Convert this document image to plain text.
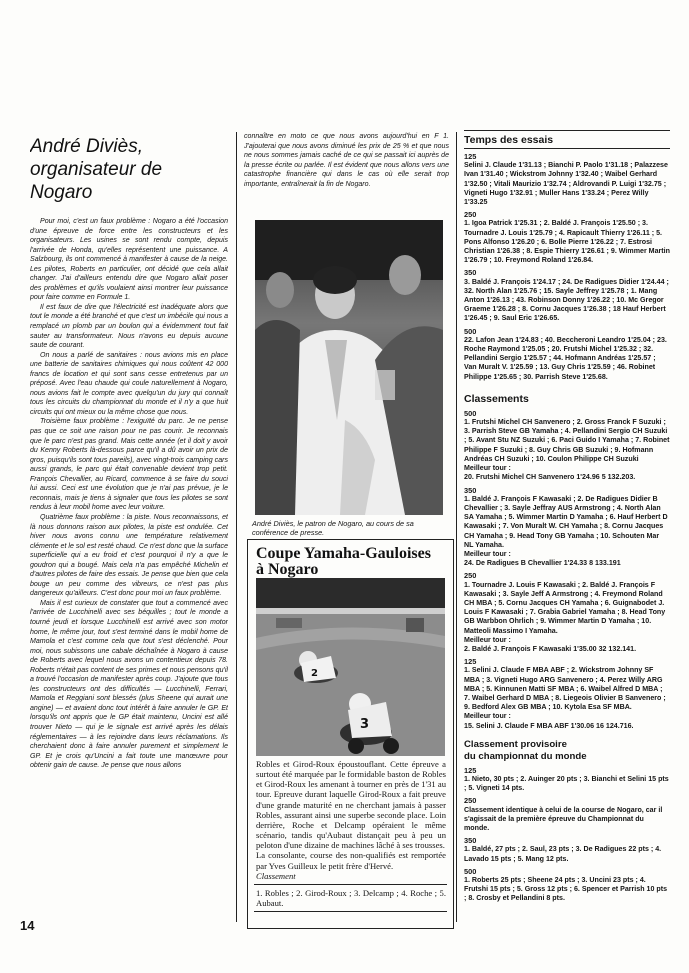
André Diviès,
organisateur de Nogaro

Pour moi, c'est un faux problème : Nogaro a été l'occasion d'une épreuve de force entre les constructeurs et les organisateurs. Les usines se sont rendu compte, depuis l'arrivée de Honda, qu'elles représentent une puissance. A Salzbourg, ils ont commencé à manifester à cause de la neige. Les pilotes, Roberts en particulier, ont décidé que cela allait changer. J'ai d'ailleurs entendu dire que Nogaro allait poser des problèmes et qu'ils voulaient ainsi montrer leur puissance pour faire comme en Formule 1.

Il est faux de dire que l'électricité est inadéquate alors que tout le monde a été branché et que c'est un imbécile qui nous a remplacé un plomb par un boulon qui a évidemment tout fait sauter au transformateur. Nous n'avons eu depuis aucune saute de courant.

On nous a parlé de sanitaires : nous avions mis en place une batterie de sanitaires chimiques qui nous coûtent 42 000 francs de location et qui sont sans cesse entretenus par un préposé. Avec l'eau chaude qui coule naturellement à Nogaro, nous avions fait le compte avec quelqu'un du jury qui connaît tous les circuits du championnat du monde et il n'y a que huit circuits qui ont mieux ou la même chose que nous.

Troisième faux problème : l'exiguïté du parc. Je ne pense pas que ce soit une raison pour ne pas courir. Je reconnais que le parc n'est pas grand. Mais cette année (et il doit y avoir du Kenny Roberts là-dessous parce qu'il a dû avoir un prix de gros, puisqu'ils sont tous pareils), avec vingt-trois camping cars aussi grands, le parc qui était convenable devient trop petit. François Chevallier, au Ricard, commence à se faire du souci lui aussi. Ceci est une évolution que je n'ai pas prévue, je le reconnais, mais je tiens à signaler que tous les pilotes se sont rendus à leur mobil home avec leur voiture.

Quatrième faux problème : la piste. Nous reconnaissons, et là nous donnons raison aux pilotes, la piste est ondulée. Cet hiver nous avons connu une température relativement clémente et le sol est resté chaud. Ce n'est donc que la surface superficielle qui a eu froid et c'est pourquoi il n'y a que le goudron qui a bougé. Mais cela n'a pas empêché Michelin et d'autres pilotes de faire des essais. Je pense que bien que cela bouge un peu comme des vibreurs, ce n'est pas plus dangereux qu'ailleurs. C'est donc pour moi un faux problème.

Mais il est curieux de constater que tout a commencé avec l'arrivée de Lucchinelli avec ses béquilles ; tout le monde a tourné jeudi et lorsque Lucchinelli est arrivé avec son motor home, le même jour, tout s'est terminé dans le mobil home de Mamola et c'est comme cela que tout s'est déclenché. Pour moi, nous subissons une cabale déchaînée à Nogaro à cause de Roberts avec lequel nous avons un contentieux depuis 78. Roberts n'était pas content de ses primes et nous pensons qu'il a trouvé l'occasion de manifester après coup. J'ajoute que tous les constructeurs ont des difficultés — Lucchinelli, Ferrari, Mamola et Reggiani sont blessés (plus Sheene qui aurait une angine) — et avaient donc tout intérêt à faire annuler le GP. Et lorsqu'ils ont appris que le GP était maintenu, Uncini est allé trouver Nieto — qui je le signale est arrivé après les délais réglementaires — à les rejoindre dans leurs réclamations. Ils cherchaient donc à faire annuler purement et simplement le GP. Et je crois qu'Uncini a fait toute une manœuvre pour obtenir gain de cause. Je pense que nous allons

connaître en moto ce que nous avons aujourd'hui en F 1. J'ajouterai que nous avons diminué les prix de 25 % et que nous ne nous sommes jamais caché de ce qui se passait ici auprès de la presse écrite ou parlée. Il est évident que nous allons vers une catastrophe financière qui dans le cas où elle serait trop importante, entraînerait la fin de Nogaro.

André Diviès, le patron de Nogaro, au cours de sa conférence de presse.

Coupe Yamaha-Gauloises
à Nogaro
2
3

Robles et Girod-Roux époustouflant. Cette épreuve a surtout été marquée par le formidable baston de Robles et Girod-Roux les amenant à tourner en près de 1'31 au tour. Epreuve durant laquelle Girod-Roux a fait preuve d'une grande maturité en ne cherchant jamais à passer Robles, assurant ainsi une superbe seconde place. Loin derrière, Roche et Delcamp opéraient le même scénario, tandis qu'Aubaut distançait peu à peu un peloton d'une dizaine de machines lâché à ses trousses.

La consolante, course des non-qualifiés est remportée par Yves Guilleux le petit frère d'Hervé.

Classement

1. Robles ; 2. Girod-Roux ; 3. Delcamp ; 4. Roche ; 5. Aubaut.

Temps des essais

125

Selini J. Claude 1'31.13 ; Bianchi P. Paolo 1'31.18 ; Palazzese Ivan 1'31.40 ; Wickstrom Johnny 1'32.40 ; Waibel Gerhard 1'32.50 ; Vitali Maurizio 1'32.74 ; Aldrovandi P. Luigi 1'32.75 ; Vigneti Hugo 1'32.91 ; Muller Hans 1'33.24 ; Perez Willy 1'33.25

250

1. Igoa Patrick 1'25.31 ; 2. Baldé J. François 1'25.50 ; 3. Tournadre J. Louis 1'25.79 ; 4. Rapicault Thierry 1'26.11 ; 5. Pons Alfonso 1'26.20 ; 6. Bolle Pierre 1'26.22 ; 7. Estrosi Christian 1'26.38 ; 8. Espie Thierry 1'26.61 ; 9. Wimmer Martin 1'26.79 ; 10. Freymond Roland 1'26.84.

350

3. Baldé J. François 1'24.17 ; 24. De Radigues Didier 1'24.44 ; 32. North Alan 1'25.76 ; 15. Sayle Jeffrey 1'25.78 ; 1. Mang Anton 1'26.13 ; 43. Robinson Donny 1'26.22 ; 10. Mc Gregor Graeme 1'26.28 ; 8. Cornu Jacques 1'26.38 ; 18 Hauf Herbert 1'26.45 ; 9. Saul Eric 1'26.65.

500

22. Lafon Jean 1'24.83 ; 40. Beccheroni Leandro 1'25.04 ; 23. Roche Raymond 1'25.05 ; 20. Frutshi Michel 1'25.32 ; 32. Pellandini Sergio 1'25.57 ; 44. Hofmann Andréas 1'25.57 ; Van Muralt V. 1'25.59 ; 13. Guy Chris 1'25.59 ; 46. Robinet Philippe 1'25.65 ; 30. Parrish Steve 1'25.68.

Classements

500

1. Frutshi Michel CH Sanvenero ; 2. Gross Franck F Suzuki ; 3. Parrish Steve GB Yamaha ; 4. Pellandini Sergio CH Suzuki ; 5. Avant Stu NZ Suzuki ; 6. Paci Guido I Yamaha ; 7. Robinet Philippe F Suzuki ; 8. Guy Chris GB Suzuki ; 9. Hofmann Andréas CH Suzuki ; 10. Coulon Philippe CH Suzuki

Meilleur tour :

20. Frutshi Michel CH Sanvenero 1'24.96 5 132.203.

350

1. Baldé J. François F Kawasaki ; 2. De Radigues Didier B Chevallier ; 3. Sayle Jeffray AUS Armstrong ; 4. North Alan SA Yamaha ; 5. Wimmer Martin D Yamaha ; 6. Hauf Herbert D Kawasaki ; 7. Von Muralt W. CH Yamaha ; 8. Cornu Jacques CH Yamaha ; 9. Head Tony GB Yamaha ; 10. Schouten Mar NL Yamaha.

Meilleur tour :

24. De Radigues B Chevallier 1'24.33 8 133.191

250

1. Tournadre J. Louis F Kawasaki ; 2. Baldé J. François F Kawasaki ; 3. Sayle Jeff A Armstrong ; 4. Freymond Roland CH MBA ; 5. Cornu Jacques CH Yamaha ; 6. Guignabodet J. Louis F Kawasaki ; 7. Grabia Gabriel Yamaha ; 8. Head Tony GB Warbbon Ohrlich ; 9. Wimmer Martin D Yamaha ; 10. Matteoli Massimo I Yamaha.

Meilleur tour :

2. Baldé J. François F Kawasaki 1'35.00 32 132.141.

125

1. Selini J. Claude F MBA ABF ; 2. Wickstrom Johnny SF MBA ; 3. Vigneti Hugo ARG Sanvenero ; 4. Perez Willy ARG MBA ; 5. Kinnunen Matti SF MBA ; 6. Waibel Alfred D MBA ; 7. Waibel Gerhard D MBA ; 8. Liegeois Olivier B Sanvenero ; 9. Bedford Alex GB MBA ; 10. Kytola Esa SF MBA.

Meilleur tour :

15. Selini J. Claude F MBA ABF 1'30.06 16 124.716.

Classement provisoire
du championnat du monde

125

1. Nieto, 30 pts ; 2. Auinger 20 pts ; 3. Bianchi et Selini 15 pts ; 5. Vigneti 14 pts.

250

Classement identique à celui de la course de Nogaro, car il s'agissait de la première épreuve du Championnat du monde.

350

1. Baldé, 27 pts ; 2. Saul, 23 pts ; 3. De Radigues 22 pts ; 4. Lavado 15 pts ; 5. Mang 12 pts.

500

1. Roberts 25 pts ; Sheene 24 pts ; 3. Uncini 23 pts ; 4. Frutshi 15 pts ; 5. Gross 12 pts ; 6. Spencer et Parrish 10 pts ; 8. Crosby et Pellandini 8 pts.

14
